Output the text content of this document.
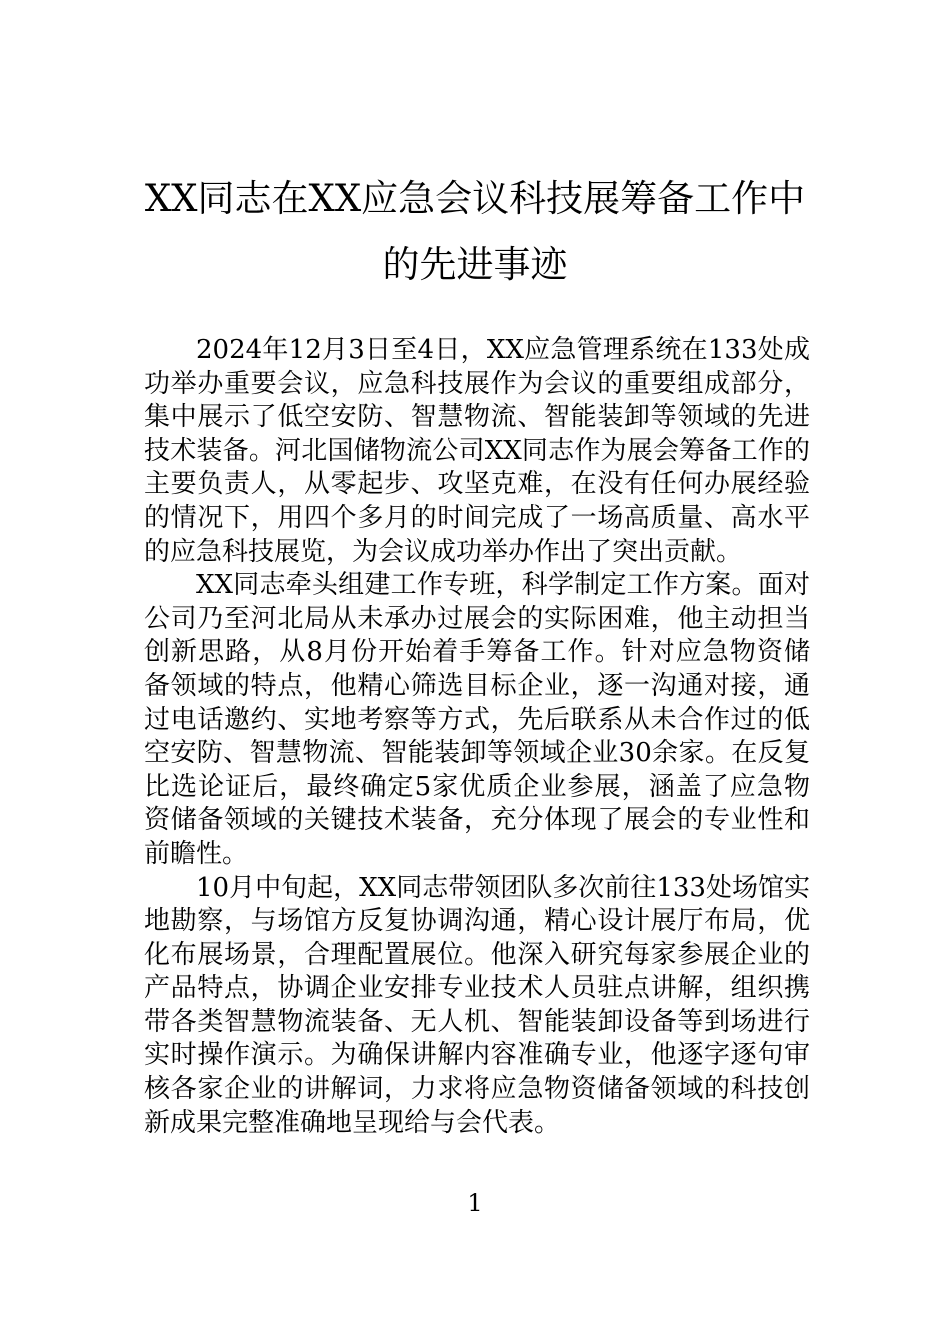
XX同志在XX应急会议科技展筹备工作中
的先进事迹

2024年12月3日至4日，XX应急管理系统在133处成功举办重要会议，应急科技展作为会议的重要组成部分，集中展示了低空安防、智慧物流、智能装卸等领域的先进技术装备。河北国储物流公司XX同志作为展会筹备工作的主要负责人，从零起步、攻坚克难，在没有任何办展经验的情况下，用四个多月的时间完成了一场高质量、高水平的应急科技展览，为会议成功举办作出了突出贡献。

XX同志牵头组建工作专班，科学制定工作方案。面对公司乃至河北局从未承办过展会的实际困难，他主动担当创新思路，从8月份开始着手筹备工作。针对应急物资储备领域的特点，他精心筛选目标企业，逐一沟通对接，通过电话邀约、实地考察等方式，先后联系从未合作过的低空安防、智慧物流、智能装卸等领域企业30余家。在反复比选论证后，最终确定5家优质企业参展，涵盖了应急物资储备领域的关键技术装备，充分体现了展会的专业性和前瞻性。

10月中旬起，XX同志带领团队多次前往133处场馆实地勘察，与场馆方反复协调沟通，精心设计展厅布局，优化布展场景，合理配置展位。他深入研究每家参展企业的产品特点，协调企业安排专业技术人员驻点讲解，组织携带各类智慧物流装备、无人机、智能装卸设备等到场进行实时操作演示。为确保讲解内容准确专业，他逐字逐句审核各家企业的讲解词，力求将应急物资储备领域的科技创新成果完整准确地呈现给与会代表。

1
